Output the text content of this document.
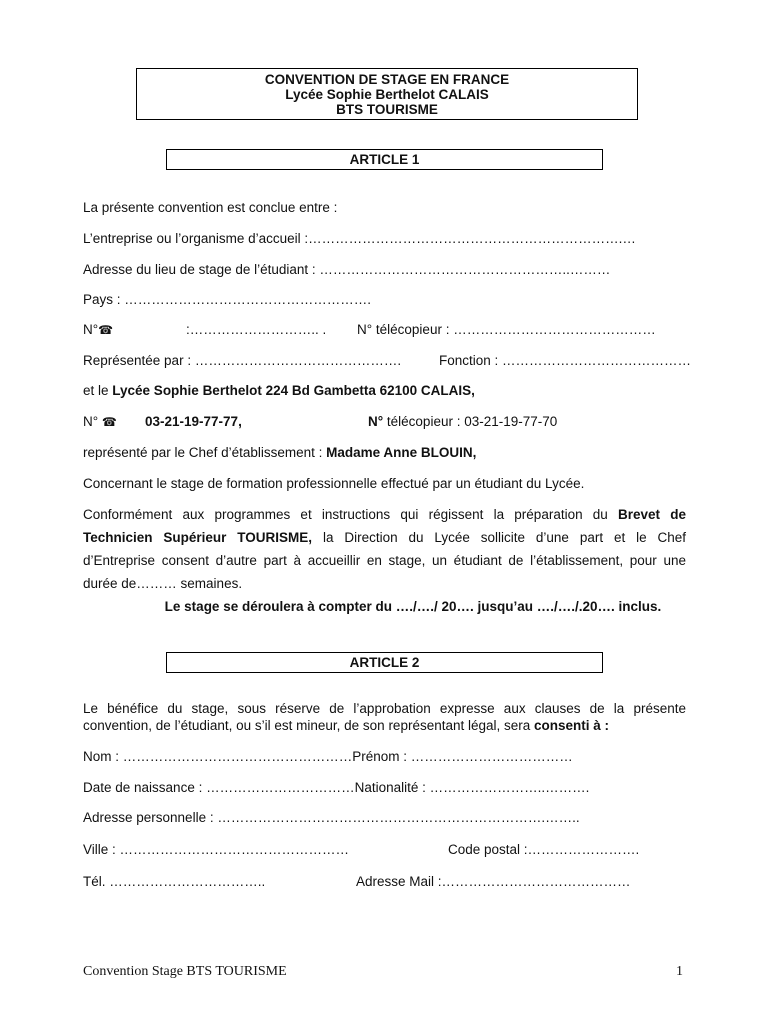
CONVENTION DE STAGE EN FRANCE
Lycée Sophie Berthelot CALAIS
BTS TOURISME
ARTICLE 1
La présente convention est conclue entre :
L’entreprise ou l’organisme d’accueil :…………………………………………………………….…
Adresse du lieu de stage de l’étudiant : ………………………………………………..………
Pays : ……………………………………………….
N°☎	:……………………….. . N° télécopieur : ………………………………………
Représentée par : ……………………………………….	Fonction : ……………………………………
et le Lycée Sophie Berthelot 224 Bd Gambetta 62100 CALAIS,
N° ☎ 03-21-19-77-77,	N° télécopieur : 03-21-19-77-70
représenté par le Chef d’établissement : Madame Anne BLOUIN,
Concernant le stage de formation professionnelle effectué par un étudiant du Lycée.
Conformément aux programmes et instructions qui régissent la préparation du Brevet de
Technicien Supérieur TOURISME, la Direction du Lycée sollicite d’une part et le Chef
d’Entreprise consent d’autre part à accueillir en stage, un étudiant de l’établissement, pour une
durée de……… semaines.
Le stage se déroulera à compter du …./…./ 20…. jusqu’au …./…./.20…. inclus.
ARTICLE 2
Le bénéfice du stage, sous réserve de l’approbation expresse aux clauses de la présente
convention, de l’étudiant, ou s’il est mineur, de son représentant légal, sera consenti à :
Nom : ……………………………………………Prénom : ………………………………
Date de naissance : ……………………………Nationalité : ……………………..……….
Adresse personnelle : ……………………………………………………………….……..
Ville : ……………………………………………	Code postal :…………………….
Tél. ……………………………..	Adresse Mail :……………………………………
Convention Stage BTS TOURISME	1
